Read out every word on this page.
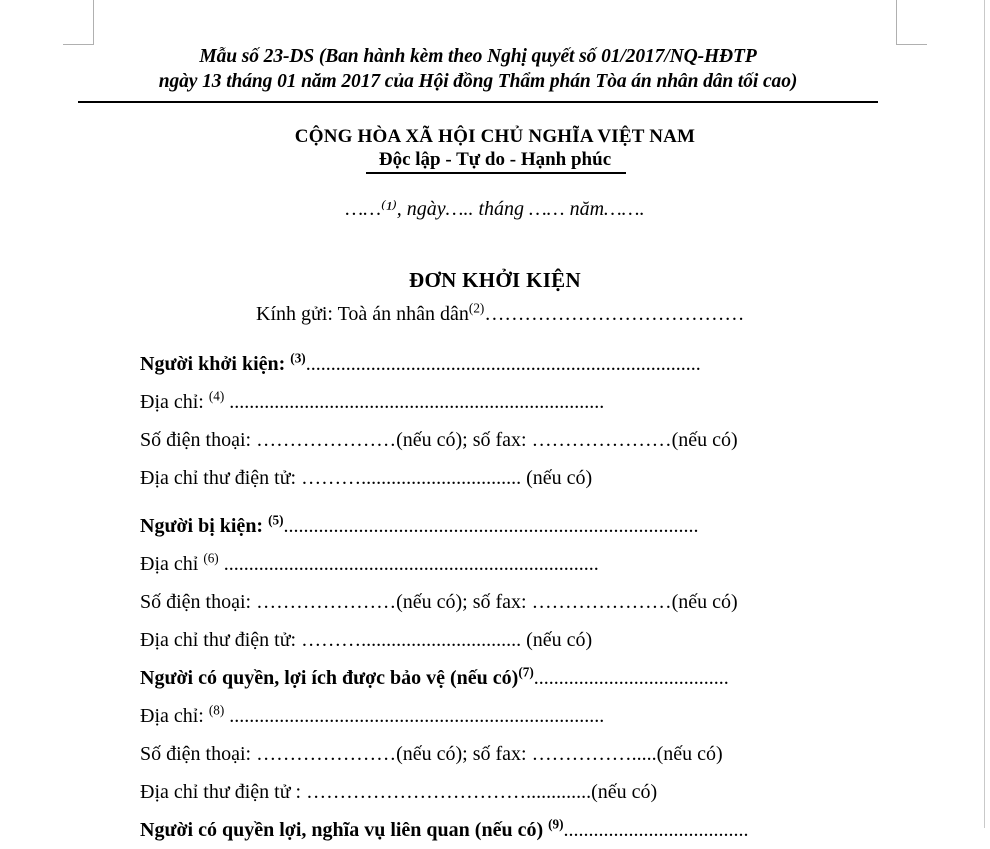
Mẫu số 23-DS (Ban hành kèm theo Nghị quyết số 01/2017/NQ-HĐTP
ngày 13 tháng 01 năm 2017 của Hội đồng Thẩm phán Tòa án nhân dân tối cao)
CỘNG HÒA XÃ HỘI CHỦ NGHĨA VIỆT NAM
Độc lập - Tự do - Hạnh phúc
……⁽¹⁾, ngày….. tháng …… năm…….
ĐƠN KHỞI KIỆN
Kính gửi: Toà án nhân dân$^{(2)}$…………………………………
Người khởi kiện: $^{(3)}$...............................................................................
Địa chỉ: $^{(4)}$ ...........................................................................
Số điện thoại: …………………(nếu có); số fax: …………………(nếu có)
Địa chỉ thư điện tử: ………................................ (nếu có)
Người bị kiện: $^{(5)}$...................................................................................
Địa chỉ $^{(6)}$ ...........................................................................
Số điện thoại: …………………(nếu có); số fax: …………………(nếu có)
Địa chỉ thư điện tử: ………................................ (nếu có)
Người có quyền, lợi ích được bảo vệ (nếu có)$^{(7)}$.......................................
Địa chỉ: $^{(8)}$ ...........................................................................
Số điện thoại: …………………(nếu có); số fax: …………….....(nếu có)
Địa chỉ thư điện tử : …………………………….............(nếu có)
Người có quyền lợi, nghĩa vụ liên quan (nếu có) $^{(9)}$.....................................
